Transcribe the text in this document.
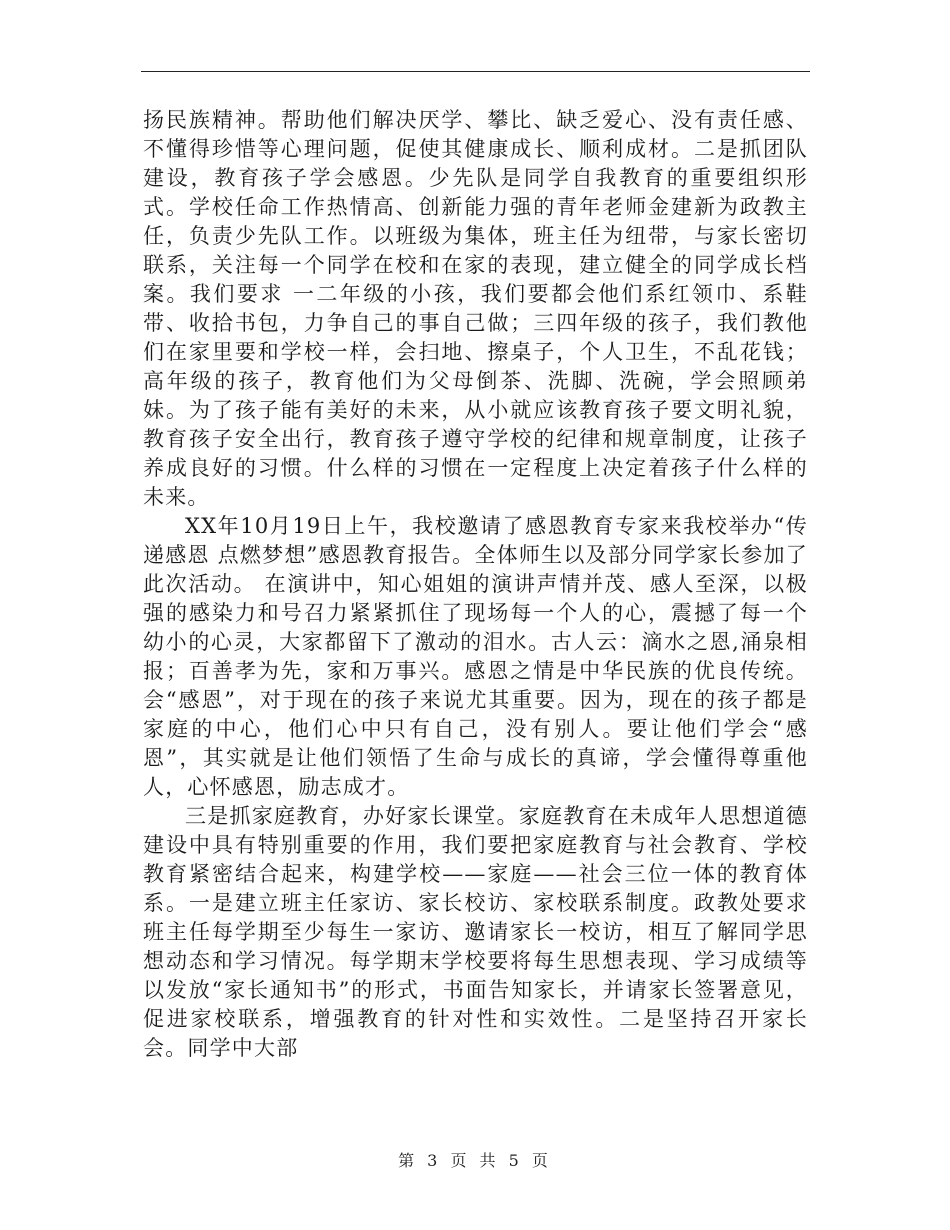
扬民族精神。帮助他们解决厌学、攀比、缺乏爱心、没有责任感、不懂得珍惜等心理问题，促使其健康成长、顺利成材。二是抓团队建设，教育孩子学会感恩。少先队是同学自我教育的重要组织形式。学校任命工作热情高、创新能力强的青年老师金建新为政教主任，负责少先队工作。以班级为集体，班主任为纽带，与家长密切联系，关注每一个同学在校和在家的表现，建立健全的同学成长档案。我们要求 一二年级的小孩，我们要都会他们系红领巾、系鞋带、收拾书包，力争自己的事自己做；三四年级的孩子，我们教他们在家里要和学校一样，会扫地、擦桌子，个人卫生，不乱花钱；高年级的孩子，教育他们为父母倒茶、洗脚、洗碗，学会照顾弟妹。为了孩子能有美好的未来，从小就应该教育孩子要文明礼貌，教育孩子安全出行，教育孩子遵守学校的纪律和规章制度，让孩子养成良好的习惯。什么样的习惯在一定程度上决定着孩子什么样的未来。

XX年10月19日上午，我校邀请了感恩教育专家来我校举办“传递感恩 点燃梦想”感恩教育报告。全体师生以及部分同学家长参加了此次活动。 在演讲中，知心姐姐的演讲声情并茂、感人至深，以极强的感染力和号召力紧紧抓住了现场每一个人的心，震撼了每一个幼小的心灵，大家都留下了激动的泪水。古人云：滴水之恩,涌泉相报；百善孝为先，家和万事兴。感恩之情是中华民族的优良传统。会“感恩”，对于现在的孩子来说尤其重要。因为，现在的孩子都是家庭的中心，他们心中只有自己，没有别人。要让他们学会“感恩”，其实就是让他们领悟了生命与成长的真谛，学会懂得尊重他人，心怀感恩，励志成才。

三是抓家庭教育，办好家长课堂。家庭教育在未成年人思想道德建设中具有特别重要的作用，我们要把家庭教育与社会教育、学校教育紧密结合起来，构建学校——家庭——社会三位一体的教育体系。一是建立班主任家访、家长校访、家校联系制度。政教处要求班主任每学期至少每生一家访、邀请家长一校访，相互了解同学思想动态和学习情况。每学期末学校要将每生思想表现、学习成绩等以发放“家长通知书”的形式，书面告知家长，并请家长签署意见，促进家校联系，增强教育的针对性和实效性。二是坚持召开家长会。同学中大部

第 3 页 共 5 页
